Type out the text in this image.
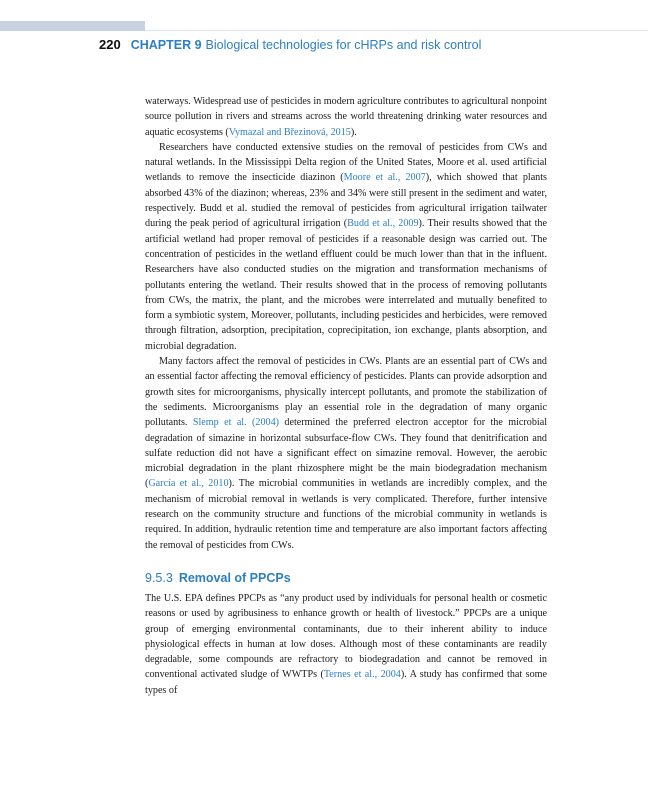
220 CHAPTER 9 Biological technologies for cHRPs and risk control

waterways. Widespread use of pesticides in modern agriculture contributes to agricultural nonpoint source pollution in rivers and streams across the world threatening drinking water resources and aquatic ecosystems (Vymazal and Březinová, 2015).

Researchers have conducted extensive studies on the removal of pesticides from CWs and natural wetlands. In the Mississippi Delta region of the United States, Moore et al. used artificial wetlands to remove the insecticide diazinon (Moore et al., 2007), which showed that plants absorbed 43% of the diazinon; whereas, 23% and 34% were still present in the sediment and water, respectively. Budd et al. studied the removal of pesticides from agricultural irrigation tailwater during the peak period of agricultural irrigation (Budd et al., 2009). Their results showed that the artificial wetland had proper removal of pesticides if a reasonable design was carried out. The concentration of pesticides in the wetland effluent could be much lower than that in the influent. Researchers have also conducted studies on the migration and transformation mechanisms of pollutants entering the wetland. Their results showed that in the process of removing pollutants from CWs, the matrix, the plant, and the microbes were interrelated and mutually benefited to form a symbiotic system, Moreover, pollutants, including pesticides and herbicides, were removed through filtration, adsorption, precipitation, coprecipitation, ion exchange, plants absorption, and microbial degradation.

Many factors affect the removal of pesticides in CWs. Plants are an essential part of CWs and an essential factor affecting the removal efficiency of pesticides. Plants can provide adsorption and growth sites for microorganisms, physically intercept pollutants, and promote the stabilization of the sediments. Microorganisms play an essential role in the degradation of many organic pollutants. Slemp et al. (2004) determined the preferred electron acceptor for the microbial degradation of simazine in horizontal subsurface-flow CWs. They found that denitrification and sulfate reduction did not have a significant effect on simazine removal. However, the aerobic microbial degradation in the plant rhizosphere might be the main biodegradation mechanism (García et al., 2010). The microbial communities in wetlands are incredibly complex, and the mechanism of microbial removal in wetlands is very complicated. Therefore, further intensive research on the community structure and functions of the microbial community in wetlands is required. In addition, hydraulic retention time and temperature are also important factors affecting the removal of pesticides from CWs.

9.5.3 Removal of PPCPs

The U.S. EPA defines PPCPs as “any product used by individuals for personal health or cosmetic reasons or used by agribusiness to enhance growth or health of livestock.” PPCPs are a unique group of emerging environmental contaminants, due to their inherent ability to induce physiological effects in human at low doses. Although most of these contaminants are readily degradable, some compounds are refractory to biodegradation and cannot be removed in conventional activated sludge of WWTPs (Ternes et al., 2004). A study has confirmed that some types of
